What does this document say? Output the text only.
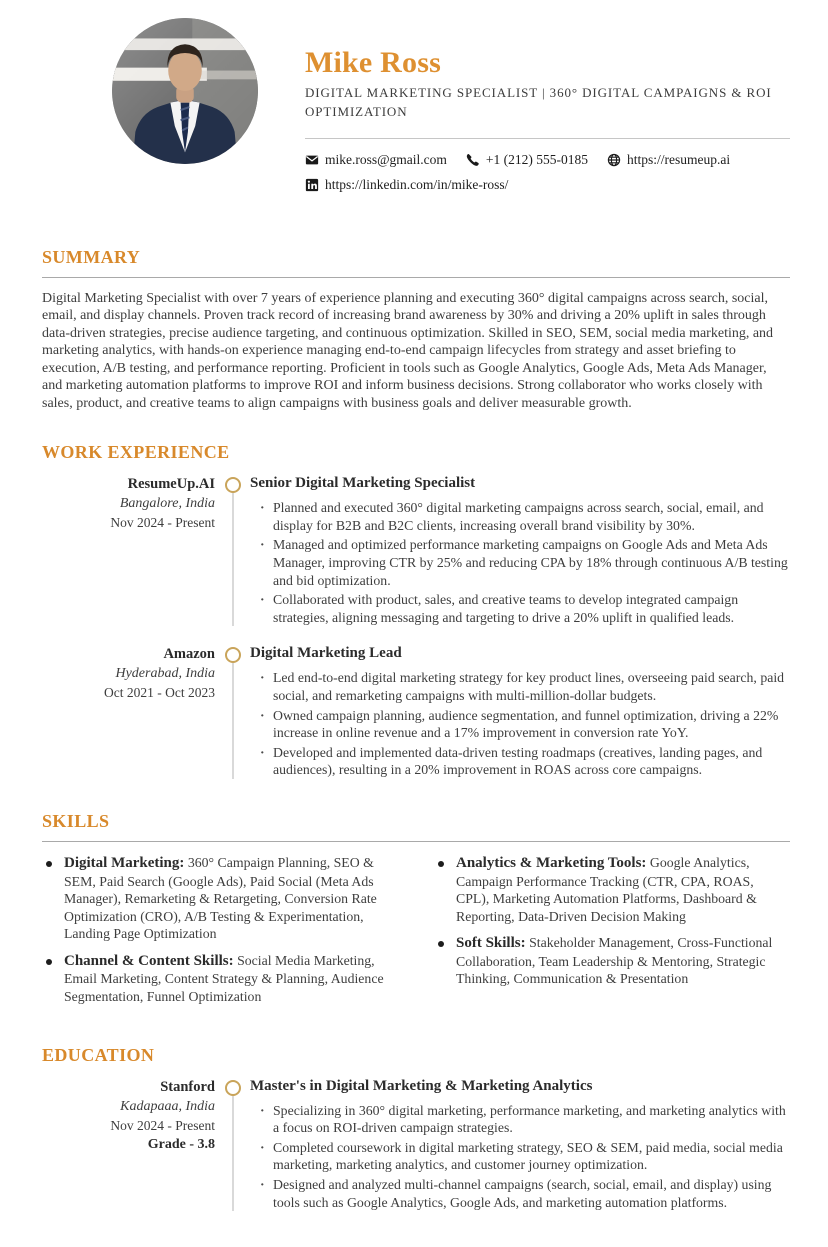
Mike Ross
DIGITAL MARKETING SPECIALIST | 360° DIGITAL CAMPAIGNS & ROI OPTIMIZATION
mike.ross@gmail.com	+1 (212) 555-0185	https://resumeup.ai
https://linkedin.com/in/mike-ross/
SUMMARY

Digital Marketing Specialist with over 7 years of experience planning and executing 360° digital campaigns across search, social, email, and display channels. Proven track record of increasing brand awareness by 30% and driving a 20% uplift in sales through data-driven strategies, precise audience targeting, and continuous optimization. Skilled in SEO, SEM, social media marketing, and marketing analytics, with hands-on experience managing end-to-end campaign lifecycles from strategy and asset briefing to execution, A/B testing, and performance reporting. Proficient in tools such as Google Analytics, Google Ads, Meta Ads Manager, and marketing automation platforms to improve ROI and inform business decisions. Strong collaborator who works closely with sales, product, and creative teams to align campaigns with business goals and deliver measurable growth.

WORK EXPERIENCE
ResumeUp.AI
Bangalore, India
Nov 2024 - Present
Senior Digital Marketing Specialist
· Planned and executed 360° digital marketing campaigns across search, social, email, and display for B2B and B2C clients, increasing overall brand visibility by 30%.
· Managed and optimized performance marketing campaigns on Google Ads and Meta Ads Manager, improving CTR by 25% and reducing CPA by 18% through continuous A/B testing and bid optimization.
· Collaborated with product, sales, and creative teams to develop integrated campaign strategies, aligning messaging and targeting to drive a 20% uplift in qualified leads.
Amazon
Hyderabad, India
Oct 2021 - Oct 2023
Digital Marketing Lead
· Led end-to-end digital marketing strategy for key product lines, overseeing paid search, paid social, and remarketing campaigns with multi-million-dollar budgets.
· Owned campaign planning, audience segmentation, and funnel optimization, driving a 22% increase in online revenue and a 17% improvement in conversion rate YoY.
· Developed and implemented data-driven testing roadmaps (creatives, landing pages, and audiences), resulting in a 20% improvement in ROAS across core campaigns.
SKILLS
Digital Marketing: 360° Campaign Planning, SEO & SEM, Paid Search (Google Ads), Paid Social (Meta Ads Manager), Remarketing & Retargeting, Conversion Rate Optimization (CRO), A/B Testing & Experimentation, Landing Page Optimization
Channel & Content Skills: Social Media Marketing, Email Marketing, Content Strategy & Planning, Audience Segmentation, Funnel Optimization
Analytics & Marketing Tools: Google Analytics, Campaign Performance Tracking (CTR, CPA, ROAS, CPL), Marketing Automation Platforms, Dashboard & Reporting, Data-Driven Decision Making
Soft Skills: Stakeholder Management, Cross-Functional Collaboration, Team Leadership & Mentoring, Strategic Thinking, Communication & Presentation
EDUCATION
Stanford
Kadapaaa, India
Nov 2024 - Present
Grade - 3.8
Master's in Digital Marketing & Marketing Analytics
· Specializing in 360° digital marketing, performance marketing, and marketing analytics with a focus on ROI-driven campaign strategies.
· Completed coursework in digital marketing strategy, SEO & SEM, paid media, social media marketing, marketing analytics, and customer journey optimization.
· Designed and analyzed multi-channel campaigns (search, social, email, and display) using tools such as Google Analytics, Google Ads, and marketing automation platforms.
